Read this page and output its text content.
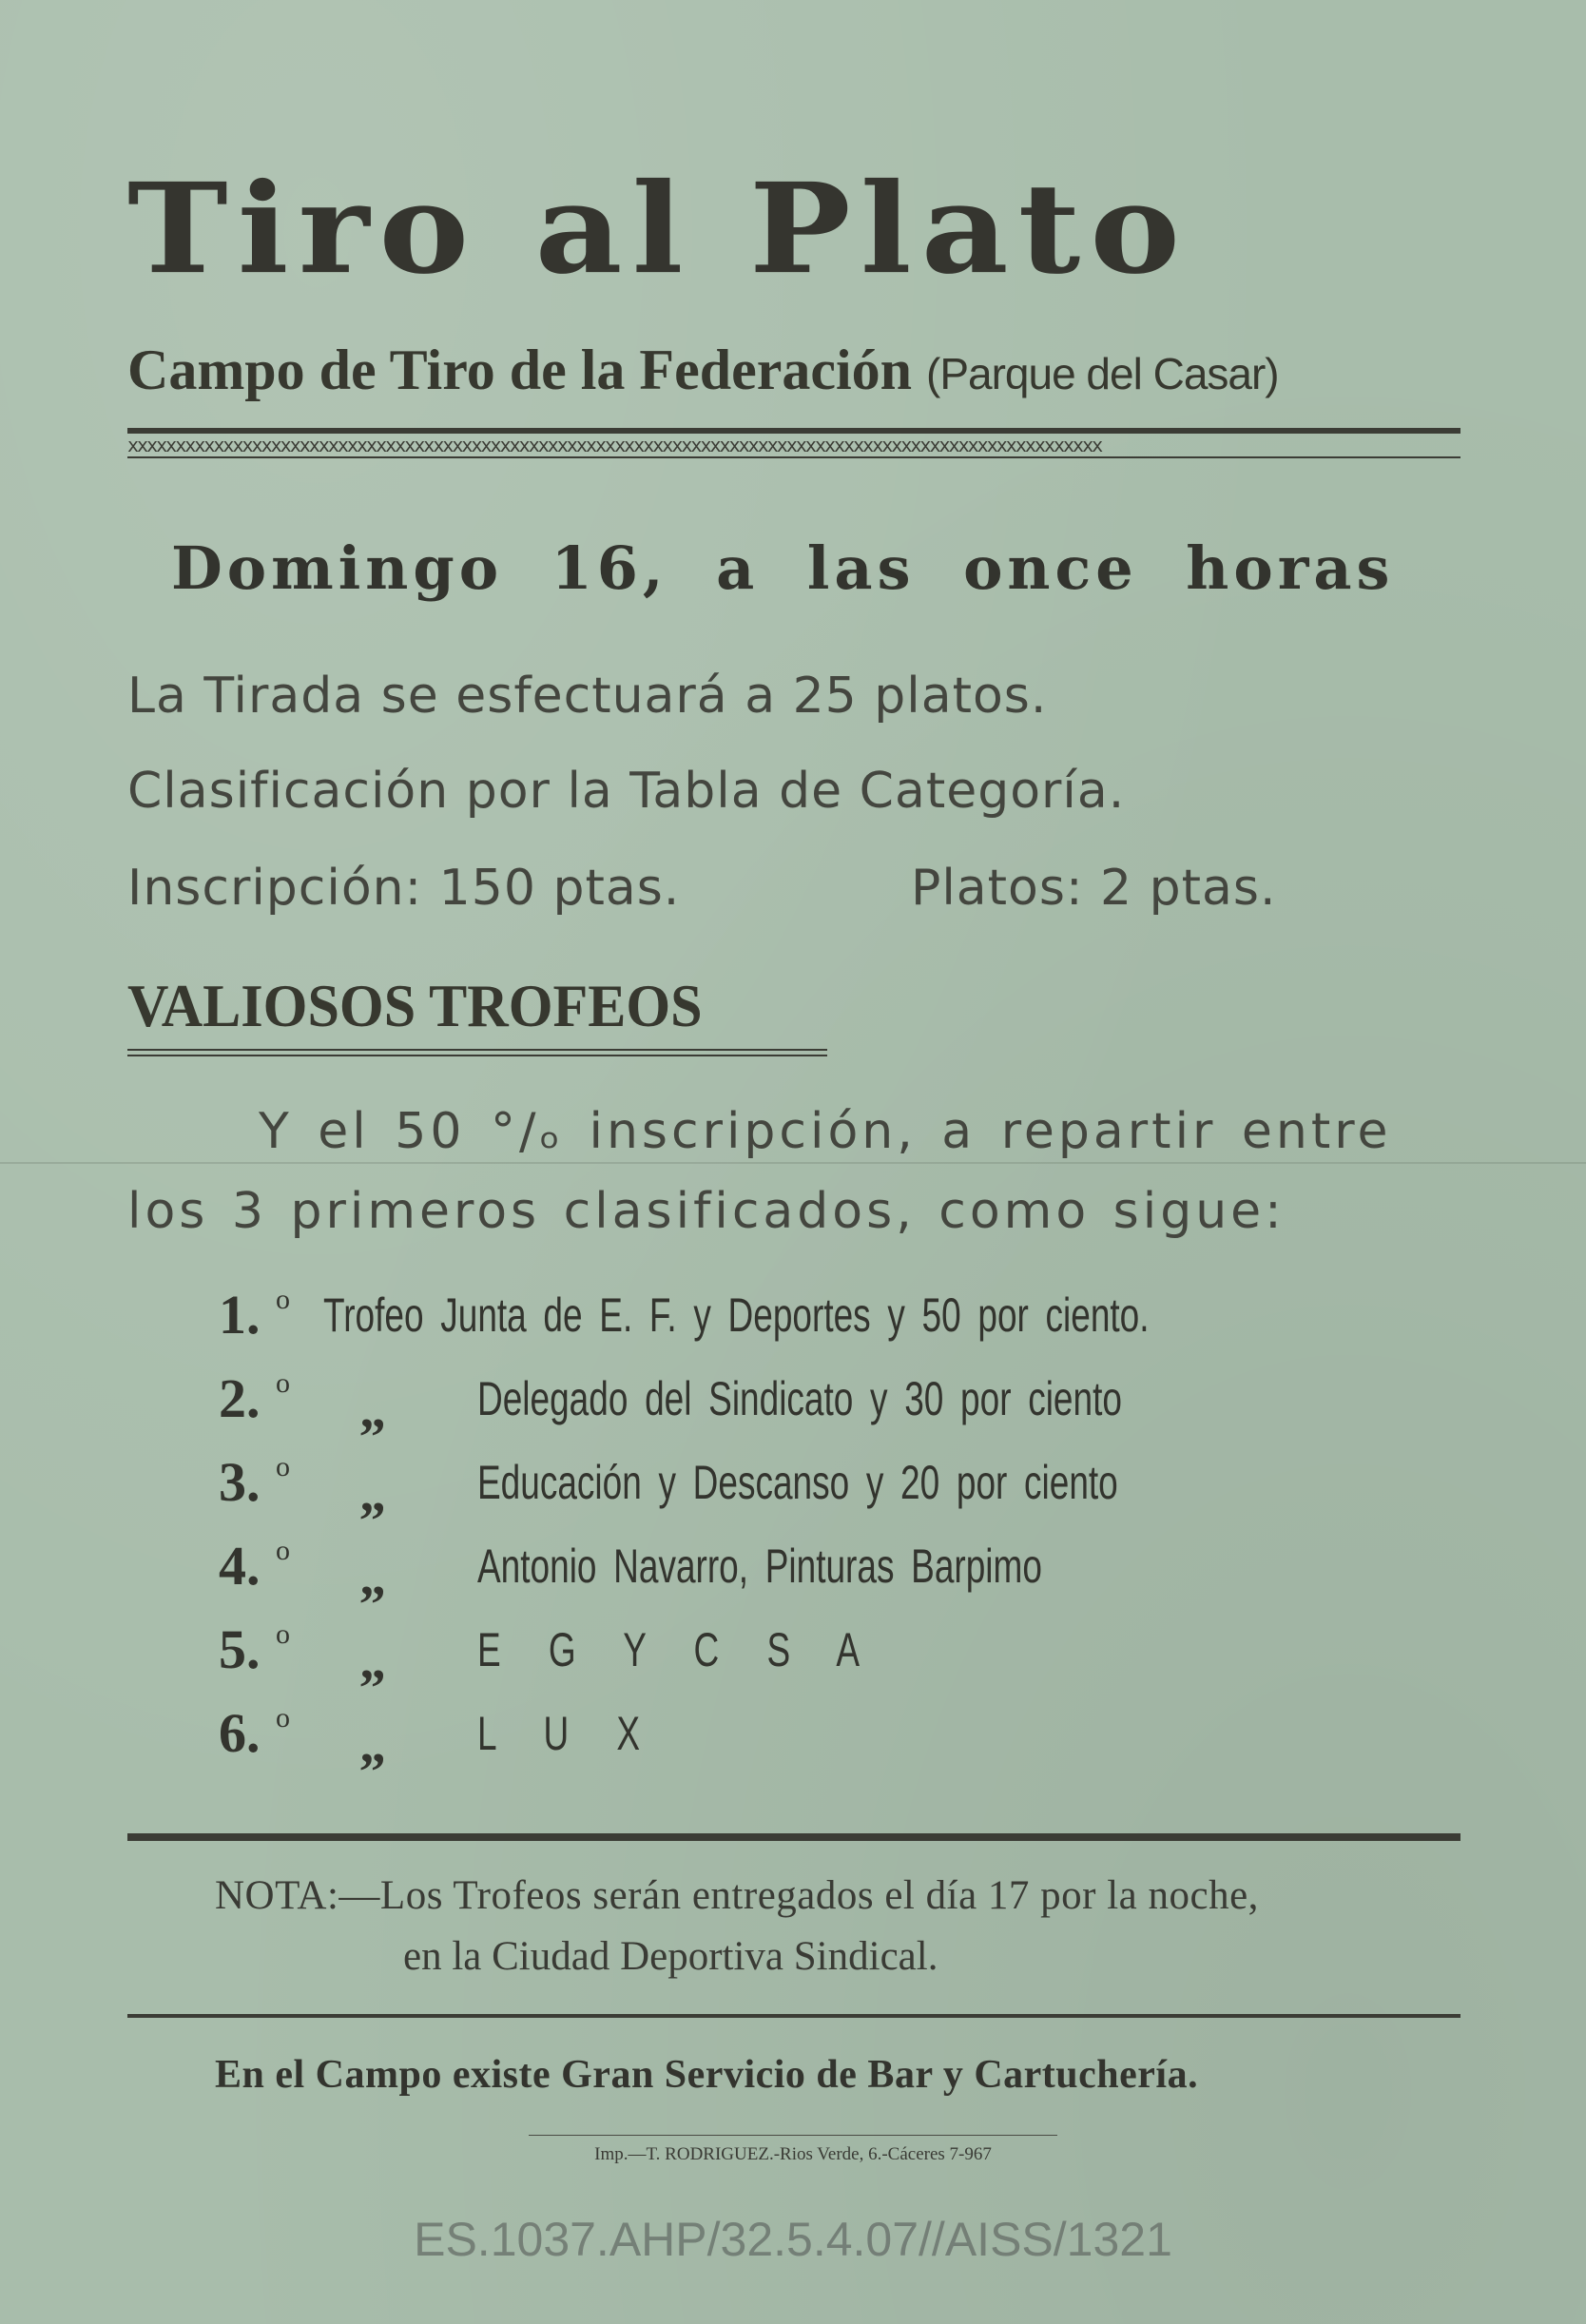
Tiro al Plato
Campo de Tiro de la Federación (Parque del Casar)
xxxxxxxxxxxxxxxxxxxxxxxxxxxxxxxxxxxxxxxxxxxxxxxxxxxxxxxxxxxxxxxxxxxxxxxxxxxxxxxxxxxxxxxxxxxxxxxxxxxxxx
Domingo 16, a las once horas
La Tirada se esfectuará a 25 platos.
Clasificación por la Tabla de Categoría.
Inscripción: 150 ptas.	Platos: 2 ptas.
VALIOSOS TROFEOS
Y el 50 °/ₒ inscripción, a repartir entre
los 3 primeros clasificados, como sigue:
1. o Trofeo Junta de E. F. y Deportes y 50 por ciento.
2. o „ Delegado del Sindicato y 30 por ciento
3. o „ Educación y Descanso y 20 por ciento
4. o „ Antonio Navarro, Pinturas Barpimo
5. o „ E G Y C S A
6. o „ L U X
NOTA:—Los Trofeos serán entregados el día 17 por la noche,
en la Ciudad Deportiva Sindical.
En el Campo existe Gran Servicio de Bar y Cartuchería.
Imp.—T. RODRIGUEZ.-Rios Verde, 6.-Cáceres 7-967
ES.1037.AHP/32.5.4.07//AISS/1321
